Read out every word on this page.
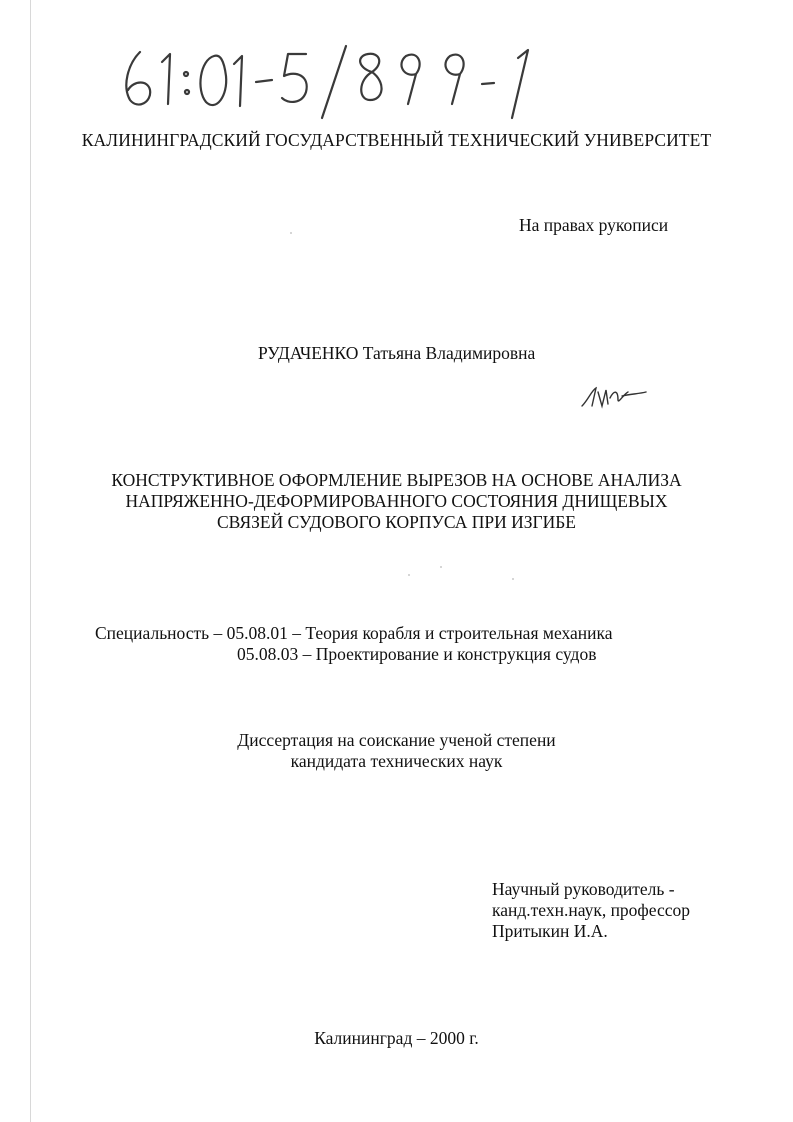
КАЛИНИНГРАДСКИЙ ГОСУДАРСТВЕННЫЙ ТЕХНИЧЕСКИЙ УНИВЕРСИТЕТ
На правах рукописи
РУДАЧЕНКО Татьяна Владимировна
КОНСТРУКТИВНОЕ ОФОРМЛЕНИЕ ВЫРЕЗОВ НА ОСНОВЕ АНАЛИЗА
НАПРЯЖЕННО-ДЕФОРМИРОВАННОГО СОСТОЯНИЯ ДНИЩЕВЫХ
СВЯЗЕЙ СУДОВОГО КОРПУСА ПРИ ИЗГИБЕ
Специальность – 05.08.01 – Теория корабля и строительная механика
05.08.03 – Проектирование и конструкция судов
Диссертация на соискание ученой степени
кандидата технических наук
Научный руководитель -
канд.техн.наук, профессор
Притыкин И.А.
Калининград – 2000 г.
